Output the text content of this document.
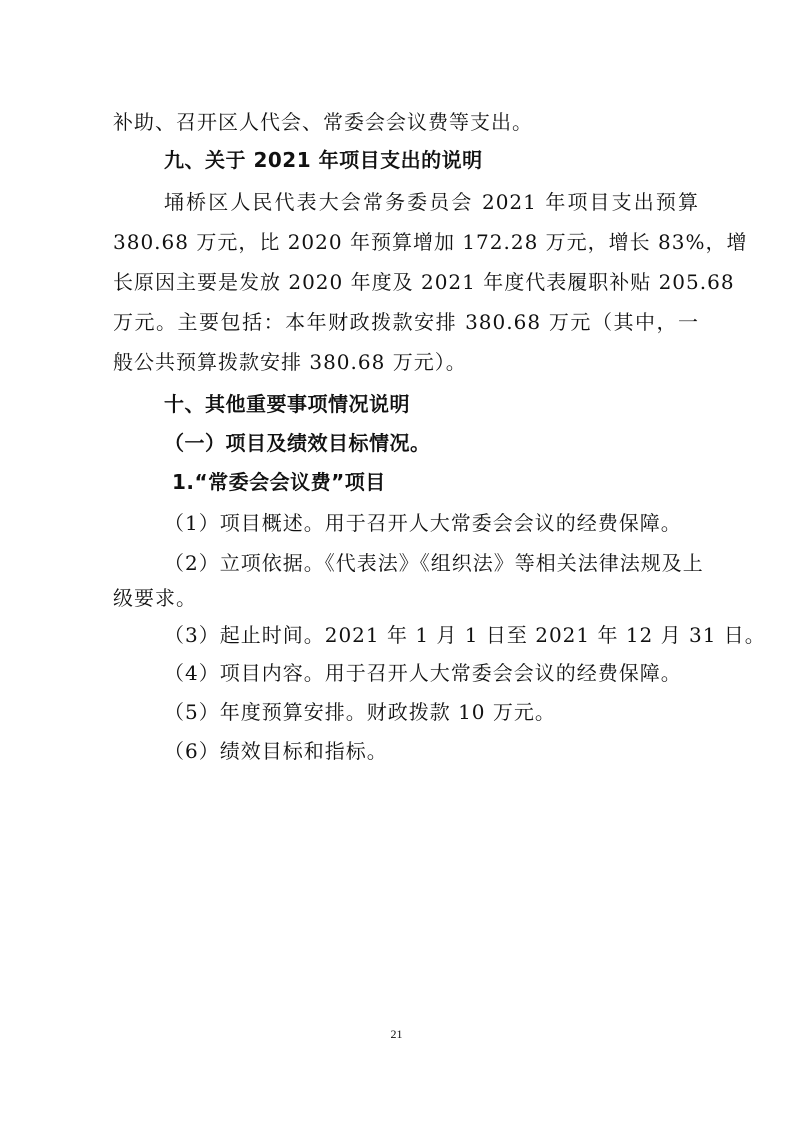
补助、召开区人代会、常委会会议费等支出。
九、关于 2021 年项目支出的说明
埇桥区人民代表大会常务委员会 2021 年项目支出预算
380.68 万元，比 2020 年预算增加 172.28 万元，增长 83%，增
长原因主要是发放 2020 年度及 2021 年度代表履职补贴 205.68
万元。主要包括：本年财政拨款安排 380.68 万元（其中，一
般公共预算拨款安排 380.68 万元）。
十、其他重要事项情况说明
（一）项目及绩效目标情况。
1.“常委会会议费”项目
（1）项目概述。用于召开人大常委会会议的经费保障。
（2）立项依据。《代表法》《组织法》等相关法律法规及上
级要求。
（3）起止时间。2021 年 1 月 1 日至 2021 年 12 月 31 日。
（4）项目内容。用于召开人大常委会会议的经费保障。
（5）年度预算安排。财政拨款 10 万元。
（6）绩效目标和指标。
21
